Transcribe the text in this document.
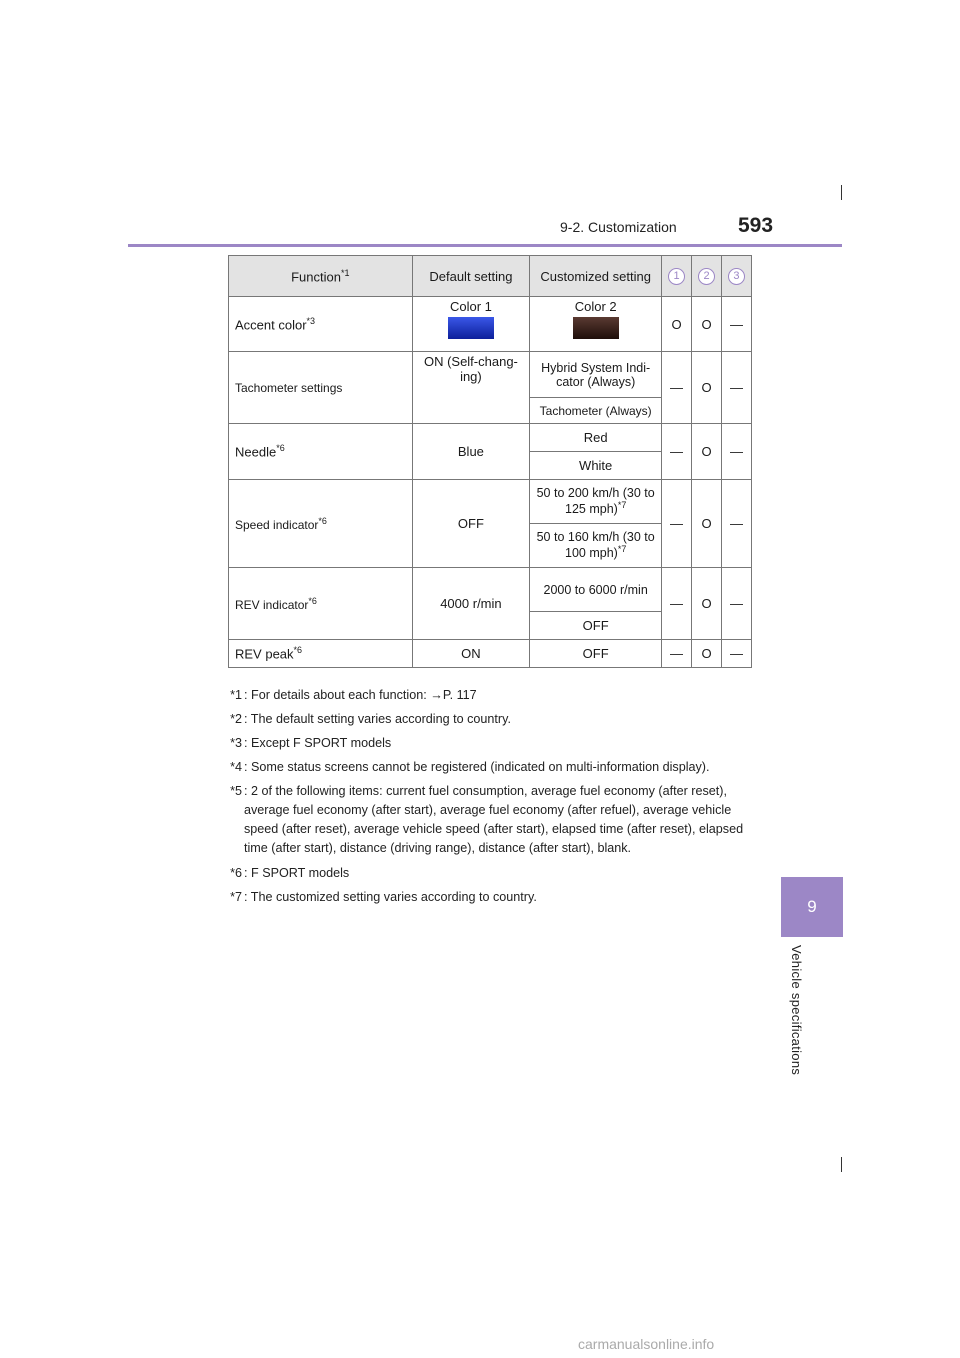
9-2. Customization	593
9
Vehicle specifications
Function$^{*1}$	Default setting	Customized setting	1	2	3
Accent color$^{*3}$	Color 1	Color 2	O	O	—
Tachometer settings	ON (Self-chang-ing)	Hybrid System Indi-cator (Always)	—	O	—
		Tachometer (Always)			
Needle$^{*6}$	Blue	Red	—	O	—
		White			
Speed indicator$^{*6}$	OFF	50 to 200 km/h (30 to 125 mph)$^{*7}$	—	O	—
		50 to 160 km/h (30 to 100 mph)$^{*7}$
REV indicator$^{*6}$	4000 r/min	2000 to 6000 r/min	—	O	—
		OFF			
REV peak$^{*6}$	ON	OFF	—	O	—
*1 : For details about each function: →P. 117
*2 : The default setting varies according to country.
*3 : Except F SPORT models
*4 : Some status screens cannot be registered (indicated on multi-information display).
*5 : 2 of the following items: current fuel consumption, average fuel economy (after reset), average fuel economy (after start), average fuel economy (after refuel), average vehicle speed (after reset), average vehicle speed (after start), elapsed time (after reset), elapsed time (after start), distance (driving range), distance (after start), blank.
*6 : F SPORT models
*7 : The customized setting varies according to country.
carmanualsonline.info
